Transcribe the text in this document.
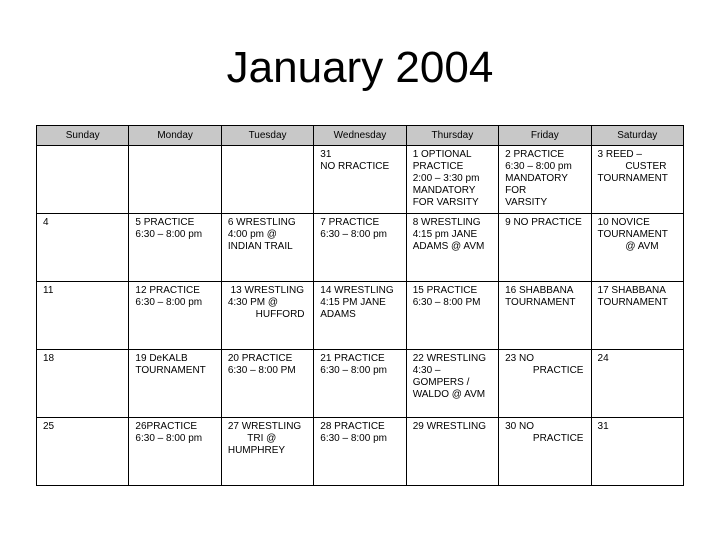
January 2004
Sunday	Monday	Tuesday	Wednesday	Thursday	Friday	Saturday
			31
NO RRACTICE	1 OPTIONAL
PRACTICE
2:00 – 3:30 pm
MANDATORY
FOR VARSITY	2 PRACTICE
6:30 – 8:00 pm
MANDATORY
FOR
VARSITY	3 REED –
CUSTER
TOURNAMENT
4	5 PRACTICE
6:30 – 8:00 pm	6 WRESTLING
4:00 pm @
INDIAN TRAIL	7 PRACTICE
6:30 – 8:00 pm	8 WRESTLING
4:15 pm JANE
ADAMS @ AVM	9 NO PRACTICE	10 NOVICE
TOURNAMENT
@ AVM
11	12 PRACTICE
6:30 – 8:00 pm	13 WRESTLING
4:30 PM @
HUFFORD	14 WRESTLING
4:15 PM JANE
ADAMS	15 PRACTICE
6:30 – 8:00 PM	16 SHABBANA
TOURNAMENT	17 SHABBANA
TOURNAMENT
18	19 DeKALB
TOURNAMENT	20 PRACTICE
6:30 – 8:00 PM	21 PRACTICE
6:30 – 8:00 pm	22 WRESTLING
4:30 –
GOMPERS /
WALDO @ AVM	23 NO
PRACTICE	24
25	26PRACTICE
6:30 – 8:00 pm	27 WRESTLING
TRI @
HUMPHREY	28 PRACTICE
6:30 – 8:00 pm	29 WRESTLING	30 NO
PRACTICE	31
